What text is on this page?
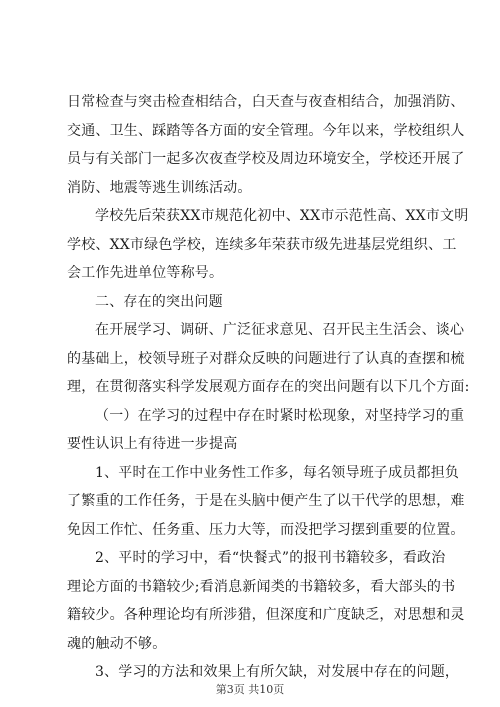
日常检查与突击检查相结合，白天查与夜查相结合，加强消防、
交通、卫生、踩踏等各方面的安全管理。今年以来，学校组织人
员与有关部门一起多次夜查学校及周边环境安全，学校还开展了
消防、地震等逃生训练活动。
学校先后荣获XX市规范化初中、XX市示范性高、XX市文明
学校、XX市绿色学校，连续多年荣获市级先进基层党组织、工
会工作先进单位等称号。
二、存在的突出问题
在开展学习、调研、广泛征求意见、召开民主生活会、谈心
的基础上，校领导班子对群众反映的问题进行了认真的查摆和梳
理，在贯彻落实科学发展观方面存在的突出问题有以下几个方面:
（一）在学习的过程中存在时紧时松现象，对坚持学习的重
要性认识上有待进一步提高
1、平时在工作中业务性工作多，每名领导班子成员都担负
了繁重的工作任务，于是在头脑中便产生了以干代学的思想，难
免因工作忙、任务重、压力大等，而没把学习摆到重要的位置。
2、平时的学习中，看“快餐式”的报刊书籍较多，看政治
理论方面的书籍较少;看消息新闻类的书籍较多，看大部头的书
籍较少。各种理论均有所涉猎，但深度和广度缺乏，对思想和灵
魂的触动不够。
3、学习的方法和效果上有所欠缺，对发展中存在的问题，
第3页 共10页
